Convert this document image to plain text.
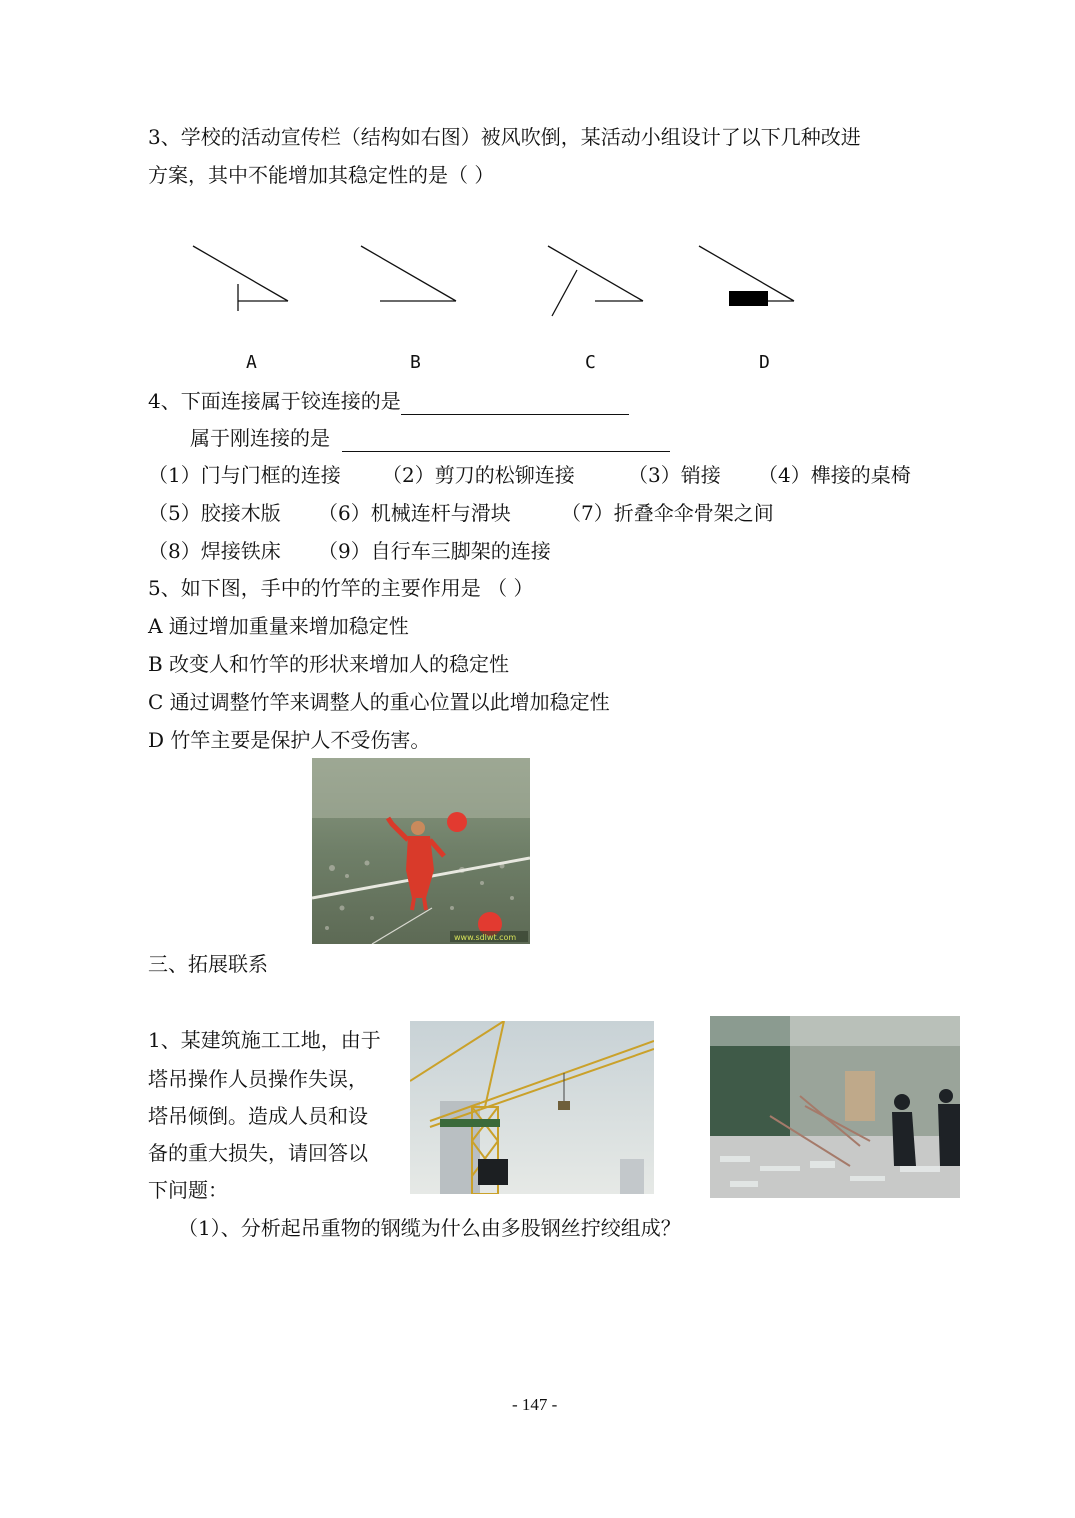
3、学校的活动宣传栏（结构如右图）被风吹倒，某活动小组设计了以下几种改进
方案，其中不能增加其稳定性的是（ ）
A	B	C	D
4、下面连接属于铰连接的是
属于刚连接的是
（1）门与门框的连接 （2）剪刀的松铆连接	（3）销接 （4）榫接的桌椅
（5）胶接木版 （6）机械连杆与滑块	（7）折叠伞伞骨架之间
（8）焊接铁床 （9）自行车三脚架的连接
5、如下图，手中的竹竿的主要作用是 （ ）
A 通过增加重量来增加稳定性
B 改变人和竹竿的形状来增加人的稳定性
C 通过调整竹竿来调整人的重心位置以此增加稳定性
D 竹竿主要是保护人不受伤害。
www.sdlwt.com
三、拓展联系
1、某建筑施工工地，由于
塔吊操作人员操作失误，
塔吊倾倒。造成人员和设
备的重大损失，请回答以
下问题：
（1）、分析起吊重物的钢缆为什么由多股钢丝拧绞组成？
- 147 -
